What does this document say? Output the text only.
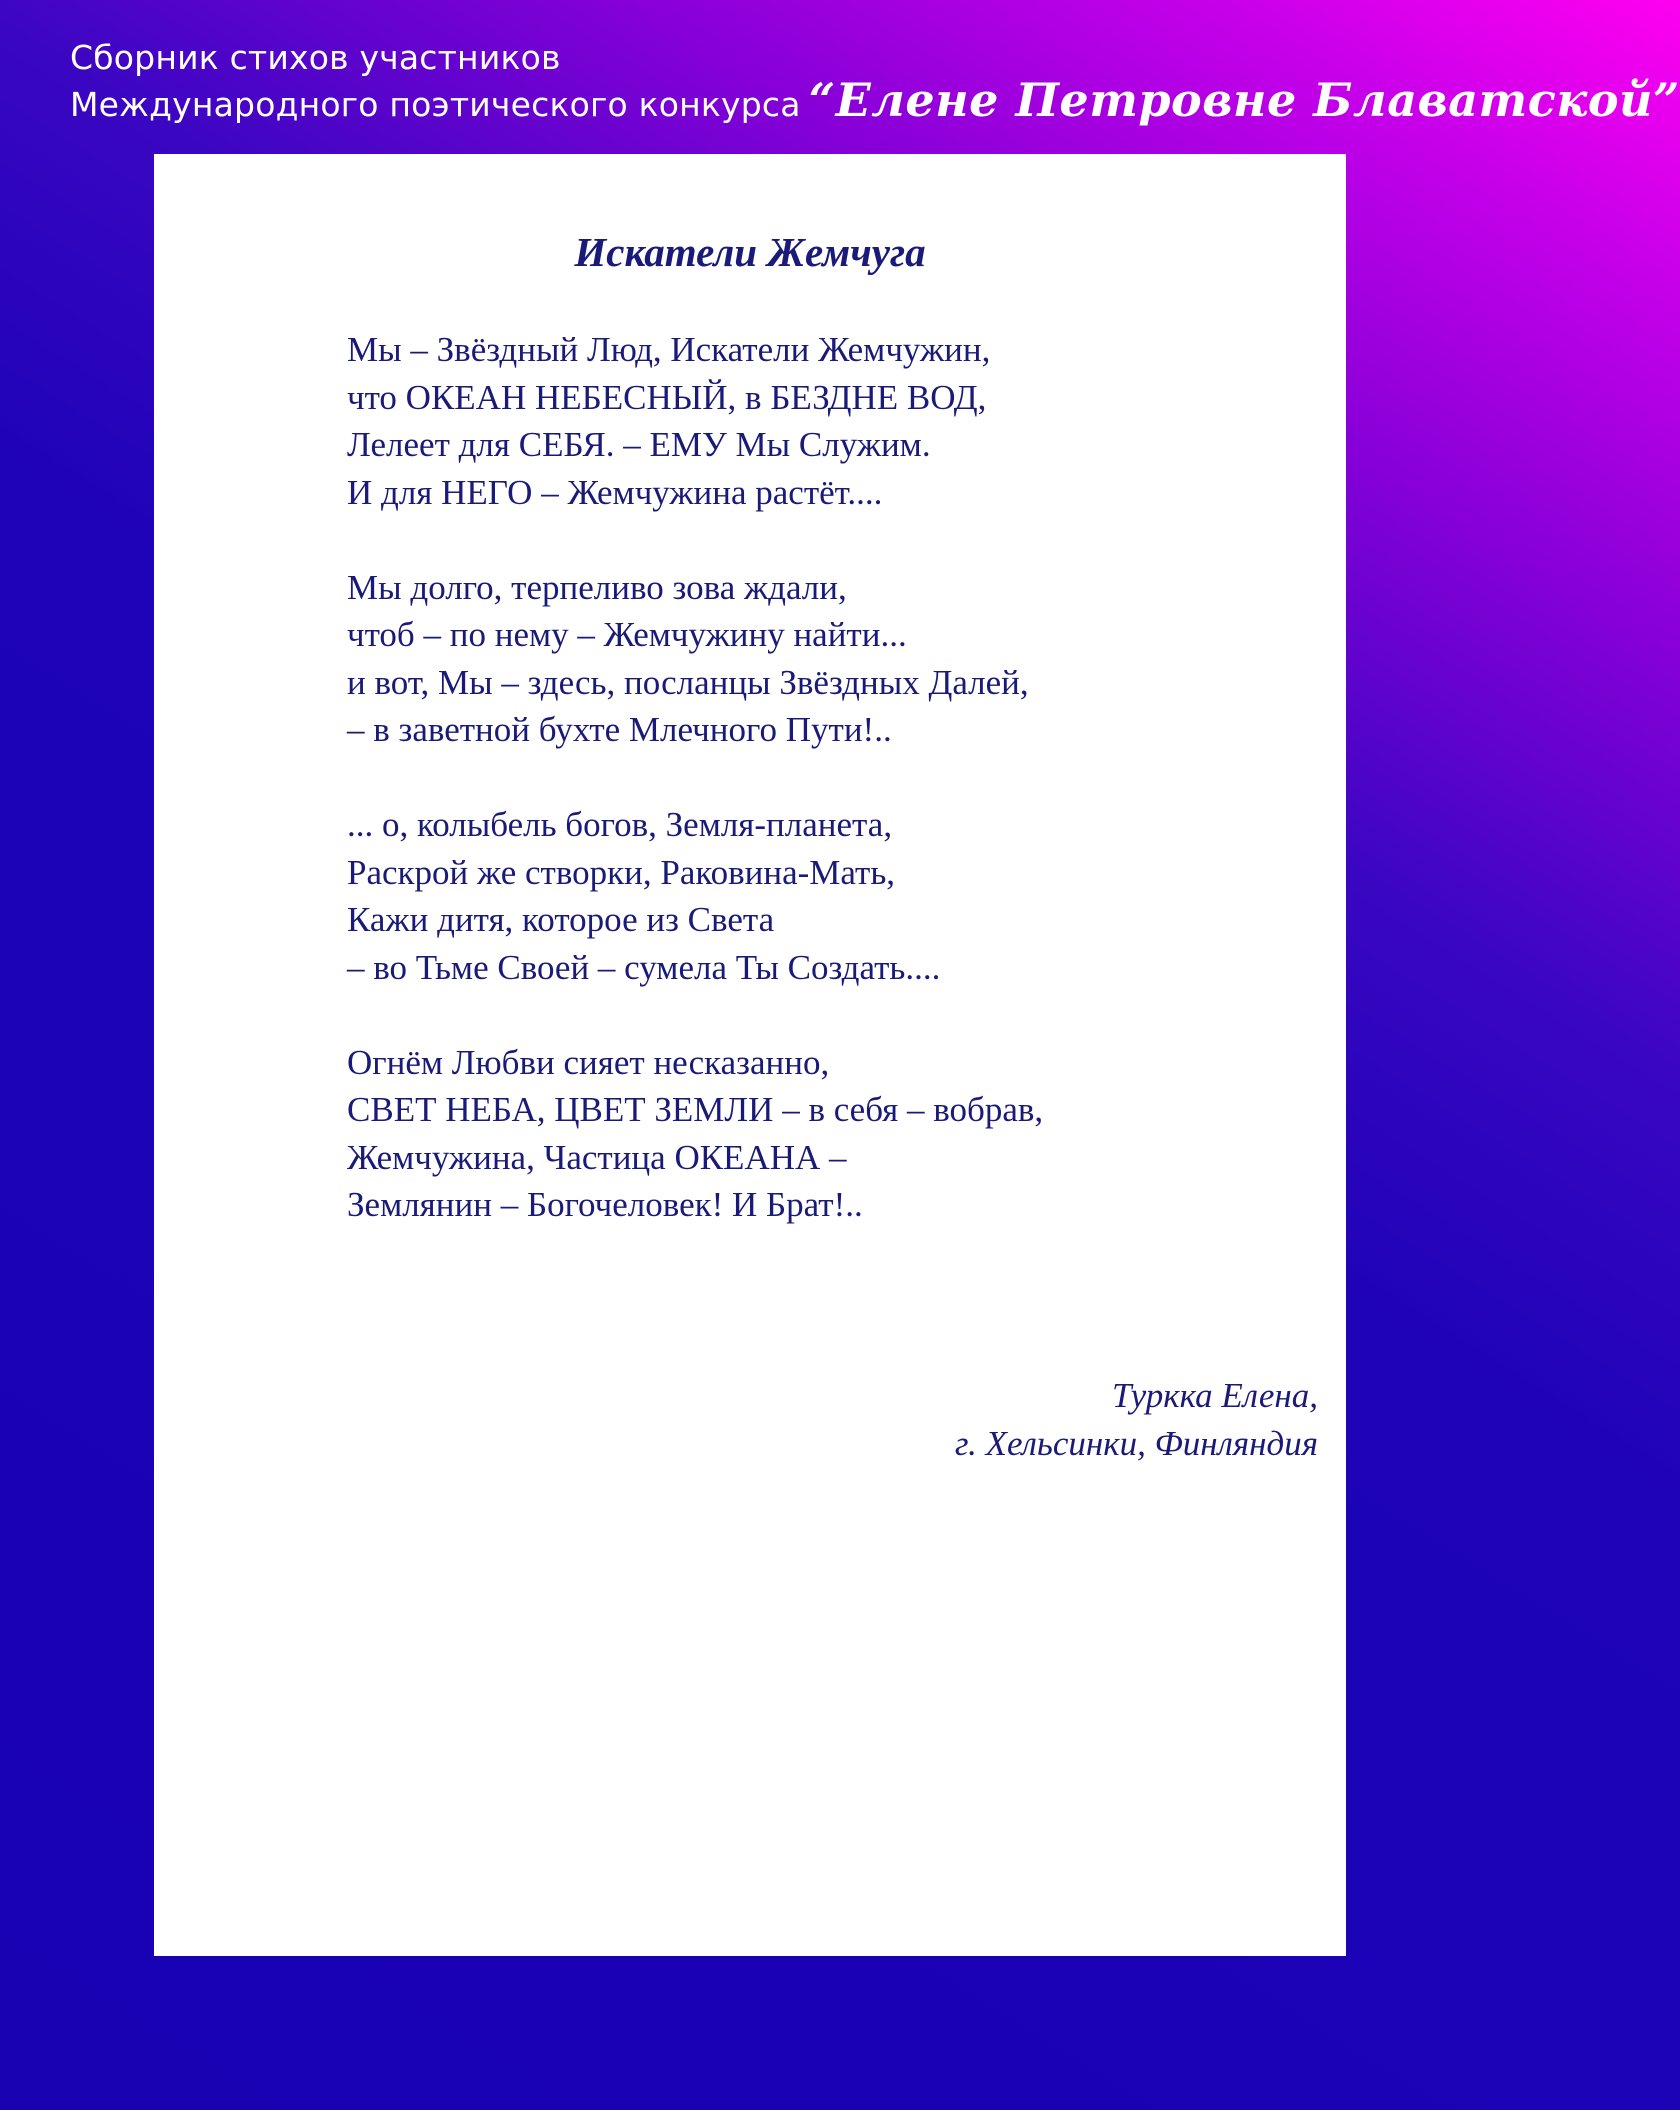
Сборник стихов участников
Международного поэтического конкурса “Елене Петровне Блаватской”
Искатели Жемчуга

Мы – Звёздный Люд, Искатели Жемчужин,
что ОКЕАН НЕБЕСНЫЙ, в БЕЗДНЕ ВОД,
Лелеет для СЕБЯ. – ЕМУ Мы Служим.
И для НЕГО – Жемчужина растёт....

Мы долго, терпеливо зова ждали,
чтоб – по нему – Жемчужину найти...
и вот, Мы – здесь, посланцы Звёздных Далей,
– в заветной бухте Млечного Пути!..

... о, колыбель богов, Земля-планета,
Раскрой же створки, Раковина-Мать,
Кажи дитя, которое из Света
– во Тьме Своей – сумела Ты Создать....

Огнём Любви сияет несказанно,
СВЕТ НЕБА, ЦВЕТ ЗЕМЛИ – в себя – вобрав,
Жемчужина, Частица ОКЕАНА –
Землянин – Богочеловек! И Брат!..

Туркка Елена,
г. Хельсинки, Финляндия
